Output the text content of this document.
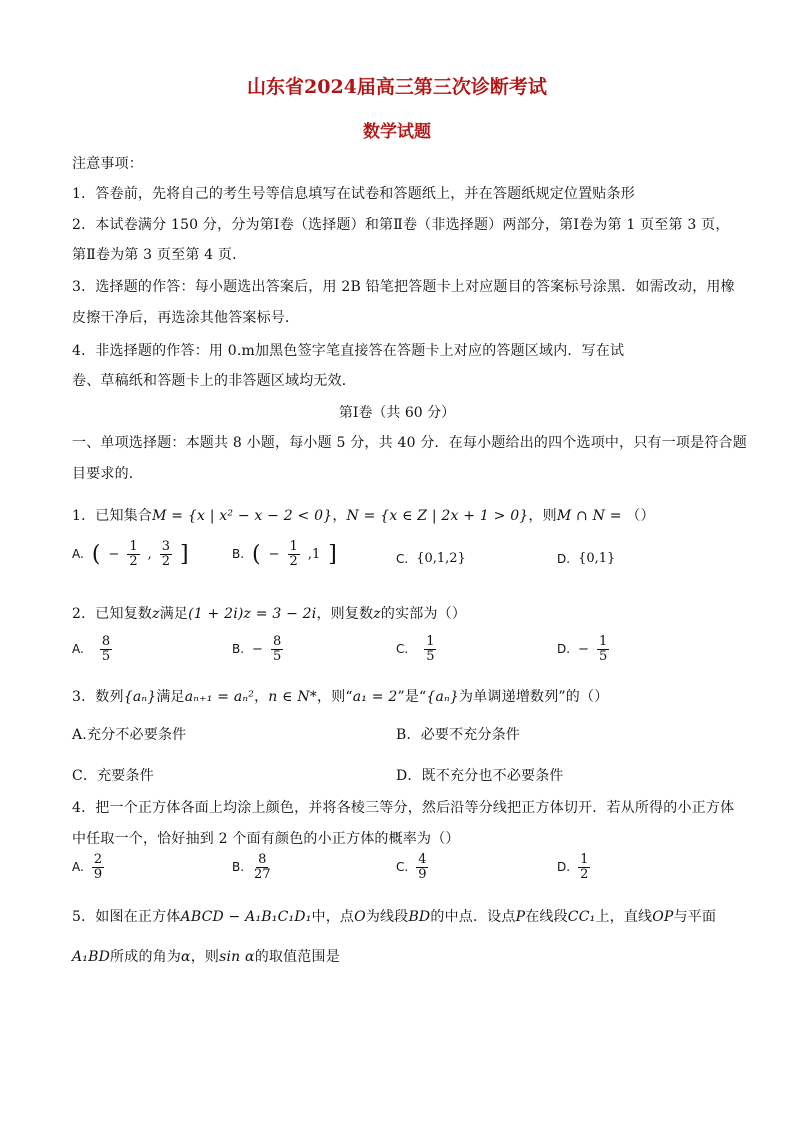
山东省2024届高三第三次诊断考试
数学试题
注意事项：
1．答卷前，先将自己的考生号等信息填写在试卷和答题纸上，并在答题纸规定位置贴条形
2．本试卷满分 150 分，分为第Ⅰ卷（选择题）和第Ⅱ卷（非选择题）两部分，第Ⅰ卷为第 1 页至第 3 页，
第Ⅱ卷为第 3 页至第 4 页．
3．选择题的作答：每小题选出答案后，用 2B 铅笔把答题卡上对应题目的答案标号涂黑．如需改动，用橡
皮擦干净后，再选涂其他答案标号．
4．非选择题的作答：用 0.m加黑色签字笔直接答在答题卡上对应的答题区域内．写在试
卷、草稿纸和答题卡上的非答题区域均无效．
第Ⅰ卷（共 60 分）
一、单项选择题：本题共 8 小题，每小题 5 分，共 40 分．在每小题给出的四个选项中，只有一项是符合题
目要求的．
1．已知集合M = {x | x² − x − 2 < 0}，N = {x ∈ Z | 2x + 1 > 0}，则M ∩ N = （）
A. ( − $\frac{1}{2}$ , $\frac{3}{2}$ ]	B. ( − $\frac{1}{2} ,1$ ]	C. {0,1,2}	D. {0,1}
2．已知复数z满足(1 + 2i)z = 3 − 2i，则复数z的实部为（）
A. $\frac{8}{5}$	B. − $\frac{8}{5}$	C. $\frac{1}{5}$	D. − $\frac{1}{5}$
3．数列{aₙ}满足aₙ₊₁ = aₙ²，n ∈ N*，则“a₁ = 2”是“{aₙ}为单调递增数列”的（）
A.充分不必要条件	B．必要不充分条件
C．充要条件	D．既不充分也不必要条件
4．把一个正方体各面上均涂上颜色，并将各棱三等分，然后沿等分线把正方体切开．若从所得的小正方体
中任取一个，恰好抽到 2 个面有颜色的小正方体的概率为（）
A. $\frac{2}{9}$	B. $\frac{8}{27}$	C. $\frac{4}{9}$	D. $\frac{1}{2}$
5．如图在正方体ABCD − A₁B₁C₁D₁中，点O为线段BD的中点．设点P在线段CC₁上，直线OP与平面
A₁BD所成的角为α，则sin α的取值范围是
